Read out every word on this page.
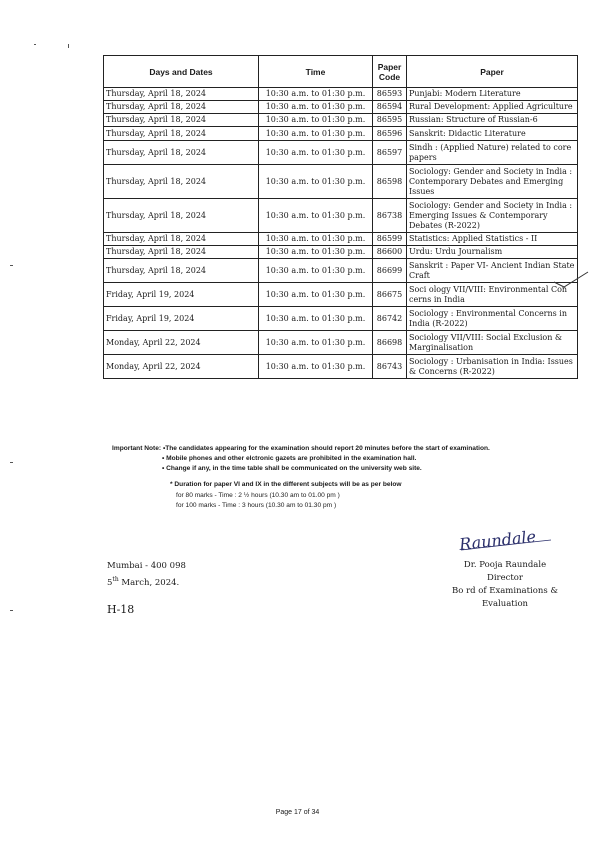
Days and Dates	Time	Paper Code	Paper
Thursday, April 18, 2024	10:30 a.m. to 01:30 p.m.	86593	Punjabi: Modern Literature
Thursday, April 18, 2024	10:30 a.m. to 01:30 p.m.	86594	Rural Development: Applied Agriculture
Thursday, April 18, 2024	10:30 a.m. to 01:30 p.m.	86595	Russian: Structure of Russian-6
Thursday, April 18, 2024	10:30 a.m. to 01:30 p.m.	86596	Sanskrit: Didactic Literature
Thursday, April 18, 2024	10:30 a.m. to 01:30 p.m.	86597	Sindh : (Applied Nature) related to core papers
Thursday, April 18, 2024	10:30 a.m. to 01:30 p.m.	86598	Sociology: Gender and Society in India : Contemporary Debates and Emerging Issues
Thursday, April 18, 2024	10:30 a.m. to 01:30 p.m.	86738	Sociology: Gender and Society in India : Emerging Issues & Contemporary Debates (R-2022)
Thursday, April 18, 2024	10:30 a.m. to 01:30 p.m.	86599	Statistics: Applied Statistics - II
Thursday, April 18, 2024	10:30 a.m. to 01:30 p.m.	86600	Urdu: Urdu Journalism
Thursday, April 18, 2024	10:30 a.m. to 01:30 p.m.	86699	Sanskrit : Paper VI- Ancient Indian State Craft
Friday, April 19, 2024	10:30 a.m. to 01:30 p.m.	86675	Soci ology VII/VIII: Environmental Con cerns in India
Friday, April 19, 2024	10:30 a.m. to 01:30 p.m.	86742	Sociology : Environmental Concerns in India (R-2022)
Monday, April 22, 2024	10:30 a.m. to 01:30 p.m.	86698	Sociology VII/VIII: Social Exclusion & Marginalisation
Monday, April 22, 2024	10:30 a.m. to 01:30 p.m.	86743	Sociology : Urbanisation in India: Issues & Concerns (R-2022)
Important Note: •The candidates appearing for the examination should report 20 minutes before the start of examination.
• Mobile phones and other elctronic gazets are prohibited in the examination hall.
• Change if any, in the time table shall be communicated on the university web site.
* Duration for paper VI and IX in the different subjects will be as per below
for 80 marks - Time : 2 ½ hours (10.30 am to 01.00 pm )
for 100 marks - Time : 3 hours (10.30 am to 01.30 pm )
Raundale
Mumbai - 400 098
5th March, 2024.
H-18
Dr. Pooja Raundale
Director
Bo rd of Examinations & Evaluation
Page 17 of 34
